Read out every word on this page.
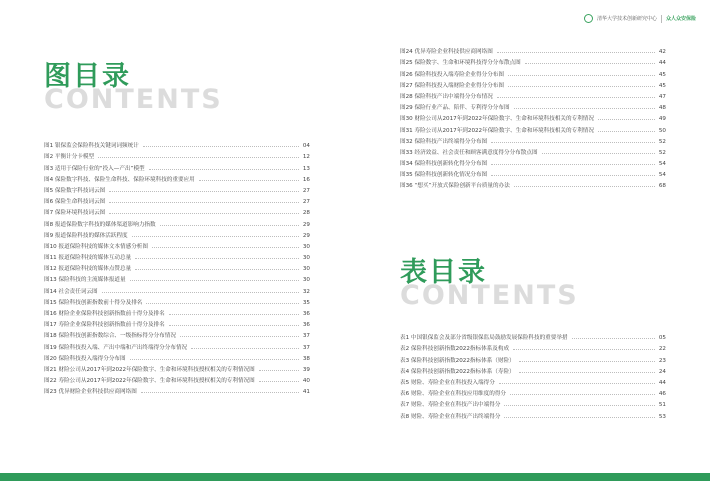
清华大学技术创新研究中心 众人众安保险
图目录
CONTENTS
图1 银保监会保险科技关键词词频统计	04
图2 平衡计分卡模型	12
图3 适用于保险行业的“投入—产出”模型	13
图4 保险数字科技、保险生命科技、保险环境科技的重要应用	16
图5 保险数字科技词云图	27
图6 保险生命科技词云图	27
图7 保险环境科技词云图	28
图8 报道保险数字科技的媒体渠道影响力指数	29
图9 报道保险科技的媒体活跃程度	29
图10 报道保险科技的媒体文本情感分析图	30
图11 报道保险科技的媒体互动总量	30
图12 报道保险科技的媒体点赞总量	30
图13 保险科技的主流媒体报道量	30
图14 社会责任词云图	32
图15 保险科技创新指数前十得分及排名	35
图16 财险企业保险科技创新指数前十得分及排名	36
图17 寿险企业保险科技创新指数前十得分及排名	36
图18 保险科技创新指数综合、一级指标得分分布情况	37
图19 保险科技投入端、产出中端和产出终端得分分布情况	37
图20 保险科技投入端得分分布图	38
图21 财险公司从2017年到2022年保险数字、生命和环境科技授权相关的专利情况图	39
图22 寿险公司从2017年到2022年保险数字、生命和环境科技授权相关的专利情况图	40
图23 优异财险企业科技供应商网络图	41
图24 优异寿险企业科技供应商网络图	42
图25 保险数字、生命和环境科技得分分布散点图	44
图26 保险科技投入端寿险企业得分分布图	45
图27 保险科技投入端财险企业得分分布图	45
图28 保险科技产出中端得分分布情况	47
图29 保险行业产品、陪伴、专利得分分布图	48
图30 财险公司从2017年到2022年保险数字、生命和环境科技相关的专利情况	49
图31 寿险公司从2017年到2022年保险数字、生命和环境科技相关的专利情况	50
图32 保险科技产出终端得分分布图	52
图33 经济效益、社会责任和顾客满意度得分分布散点图	52
图34 保险科技创新转化得分分布图	54
图35 保险科技创新转化情况分布图	54
图36 “想买”开放式保险创新平台质量的办法	68
表目录
CONTENTS
表1 中国银保监会及部分省级银保监局鼓励发展保险科技的重要举措	05
表2 保险科技创新指数2022指标体系及构成	22
表3 保险科技创新指数2022指标体系（财险）	23
表4 保险科技创新指数2022指标体系（寿险）	24
表5 财险、寿险企业在科技投入端得分	44
表6 财险、寿险企业在科技应用维度的得分	46
表7 财险、寿险企业在科技产出中端得分	51
表8 财险、寿险企业在科技产出终端得分	53
